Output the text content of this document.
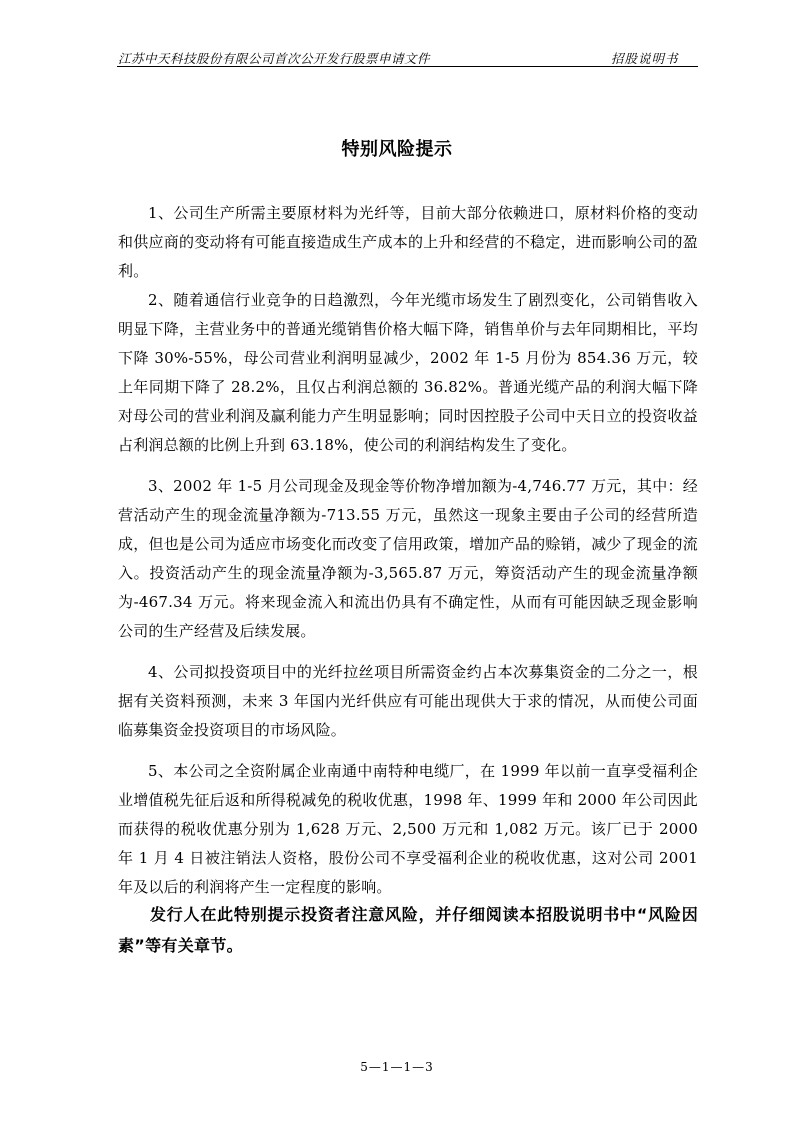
江苏中天科技股份有限公司首次公开发行股票申请文件	招股说明书
特别风险提示

1、公司生产所需主要原材料为光纤等，目前大部分依赖进口，原材料价格的变动和供应商的变动将有可能直接造成生产成本的上升和经营的不稳定，进而影响公司的盈利。

2、随着通信行业竞争的日趋激烈，今年光缆市场发生了剧烈变化，公司销售收入明显下降，主营业务中的普通光缆销售价格大幅下降，销售单价与去年同期相比，平均下降 30%-55%，母公司营业利润明显减少，2002 年 1-5 月份为 854.36 万元，较上年同期下降了 28.2%，且仅占利润总额的 36.82%。普通光缆产品的利润大幅下降对母公司的营业利润及赢利能力产生明显影响；同时因控股子公司中天日立的投资收益占利润总额的比例上升到 63.18%，使公司的利润结构发生了变化。

3、2002 年 1-5 月公司现金及现金等价物净增加额为-4,746.77 万元，其中：经营活动产生的现金流量净额为-713.55 万元，虽然这一现象主要由子公司的经营所造成，但也是公司为适应市场变化而改变了信用政策，增加产品的赊销，减少了现金的流入。投资活动产生的现金流量净额为-3,565.87 万元，筹资活动产生的现金流量净额为-467.34 万元。将来现金流入和流出仍具有不确定性，从而有可能因缺乏现金影响公司的生产经营及后续发展。

4、公司拟投资项目中的光纤拉丝项目所需资金约占本次募集资金的二分之一，根据有关资料预测，未来 3 年国内光纤供应有可能出现供大于求的情况，从而使公司面临募集资金投资项目的市场风险。

5、本公司之全资附属企业南通中南特种电缆厂，在 1999 年以前一直享受福利企业增值税先征后返和所得税减免的税收优惠，1998 年、1999 年和 2000 年公司因此而获得的税收优惠分别为 1,628 万元、2,500 万元和 1,082 万元。该厂已于 2000 年 1 月 4 日被注销法人资格，股份公司不享受福利企业的税收优惠，这对公司 2001 年及以后的利润将产生一定程度的影响。

发行人在此特别提示投资者注意风险，并仔细阅读本招股说明书中“风险因素”等有关章节。

5—1—1—3
